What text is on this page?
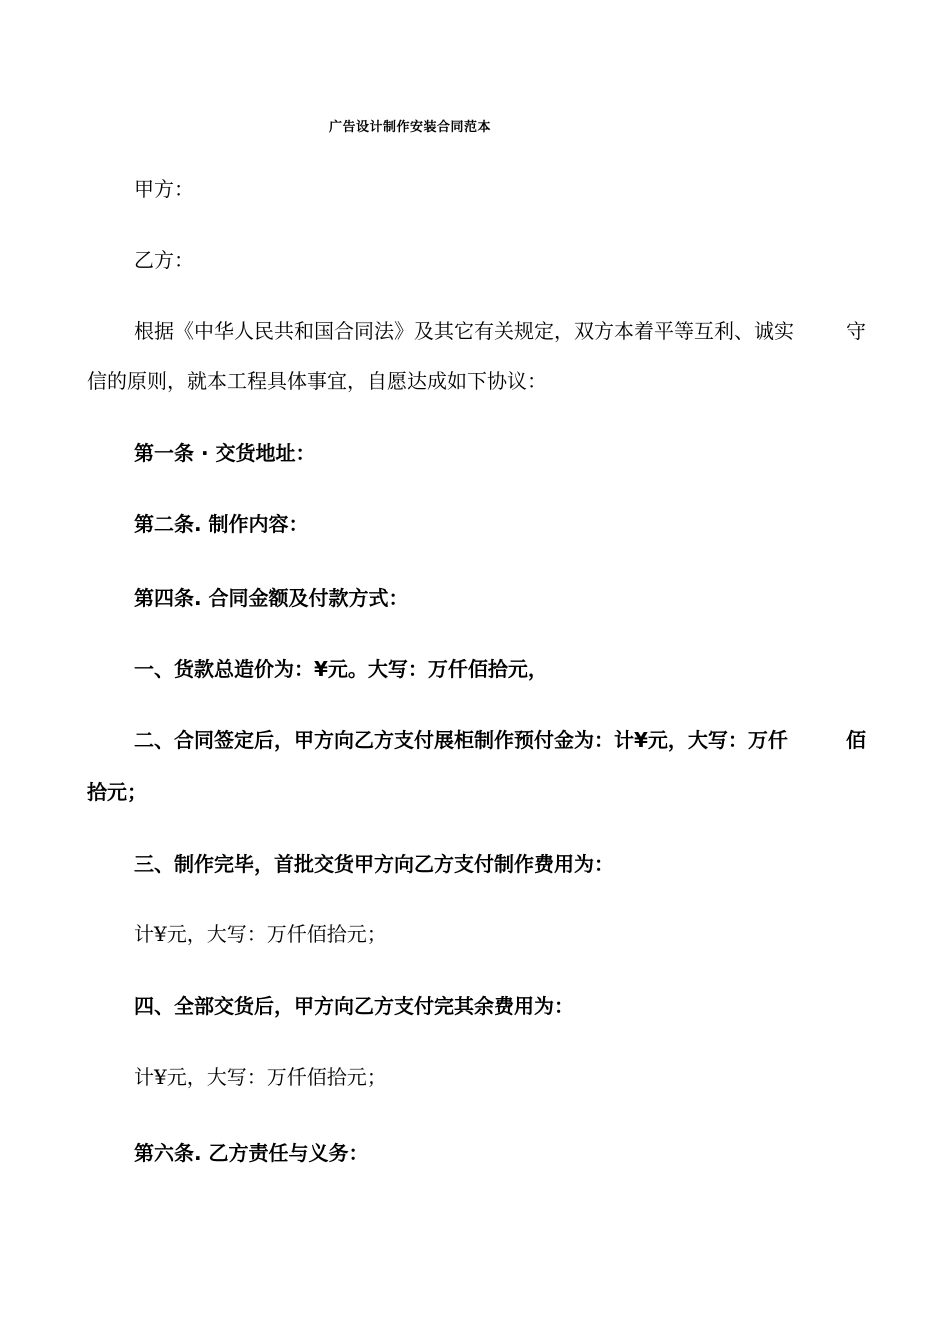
广告设计制作安装合同范本
甲方：
乙方：
根据《中华人民共和国合同法》及其它有关规定，双方本着平等互利、诚实	守
信的原则，就本工程具体事宜，自愿达成如下协议：
第一条 · 交货地址：
第二条. 制作内容：
第四条. 合同金额及付款方式：
一、货款总造价为：¥元。大写：万仟佰拾元，
二、合同签定后，甲方向乙方支付展柜制作预付金为：计¥元，大写：万仟	佰
拾元；
三、制作完毕，首批交货甲方向乙方支付制作费用为：
计¥元，大写：万仟佰拾元；
四、全部交货后，甲方向乙方支付完其余费用为：
计¥元，大写：万仟佰拾元；
第六条. 乙方责任与义务：
